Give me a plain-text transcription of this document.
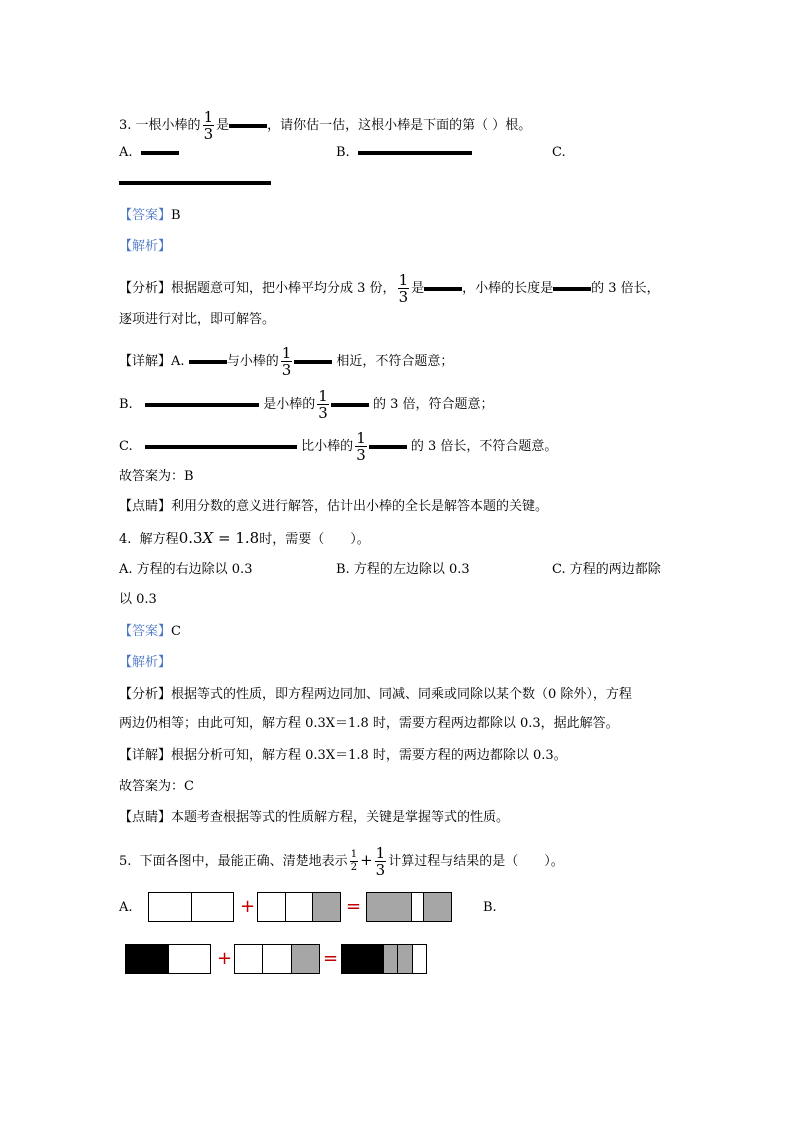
3. 一根小棒的 $\frac{1}{3}$ 是	，请你估一估，这根小棒是下面的第（ ）根。
A.	B.	C.
【答案】B
【解析】
【分析】根据题意可知，把小棒平均分成 3 份， $\frac{1}{3}$ 是	，小棒的长度是	的 3 倍长，
逐项进行对比，即可解答。
【详解】A.	与小棒的 $\frac{1}{3}$	相近，不符合题意；
B.	是小棒的 $\frac{1}{3}$	的 3 倍，符合题意；
C.	比小棒的 $\frac{1}{3}$	的 3 倍长，不符合题意。
故答案为：B
【点睛】利用分数的意义进行解答，估计出小棒的全长是解答本题的关键。
4. 解方程0.3X = 1.8时，需要（　　）。
A. 方程的右边除以 0.3	B. 方程的左边除以 0.3	C. 方程的两边都除
以 0.3
【答案】C
【解析】
【分析】根据等式的性质，即方程两边同加、同减、同乘或同除以某个数（0 除外），方程
两边仍相等；由此可知，解方程 0.3X＝1.8 时，需要方程两边都除以 0.3，据此解答。
【详解】根据分析可知，解方程 0.3X＝1.8 时，需要方程的两边都除以 0.3。
故答案为：C
【点睛】本题考查根据等式的性质解方程，关键是掌握等式的性质。
5. 下面各图中，最能正确、清楚地表示 $\frac{1}{2} + \frac{1}{3}$ 计算过程与结果的是（　　）。
A.	+	=	B.
+	=
